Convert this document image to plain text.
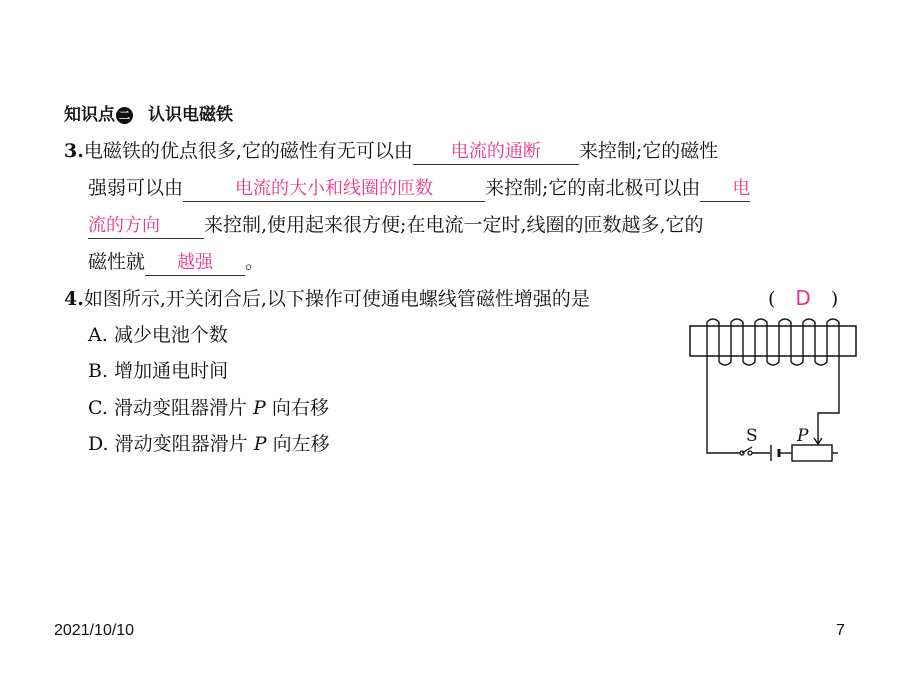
知识点 二 认识电磁铁
3.电磁铁的优点很多,它的磁性有无可以由 电流的通断 来控制;它的磁性
强弱可以由	电流的大小和线圈的匝数	来控制;它的南北极可以由 电
流的方向 来控制,使用起来很方便;在电流一定时,线圈的匝数越多,它的
磁性就 越强 。
4.如图所示,开关闭合后,以下操作可使通电螺线管磁性增强的是	( D )
A. 减少电池个数
B. 增加通电时间
C. 滑动变阻器滑片 P 向右移
D. 滑动变阻器滑片 P 向左移	S P
2021/10/10	7
